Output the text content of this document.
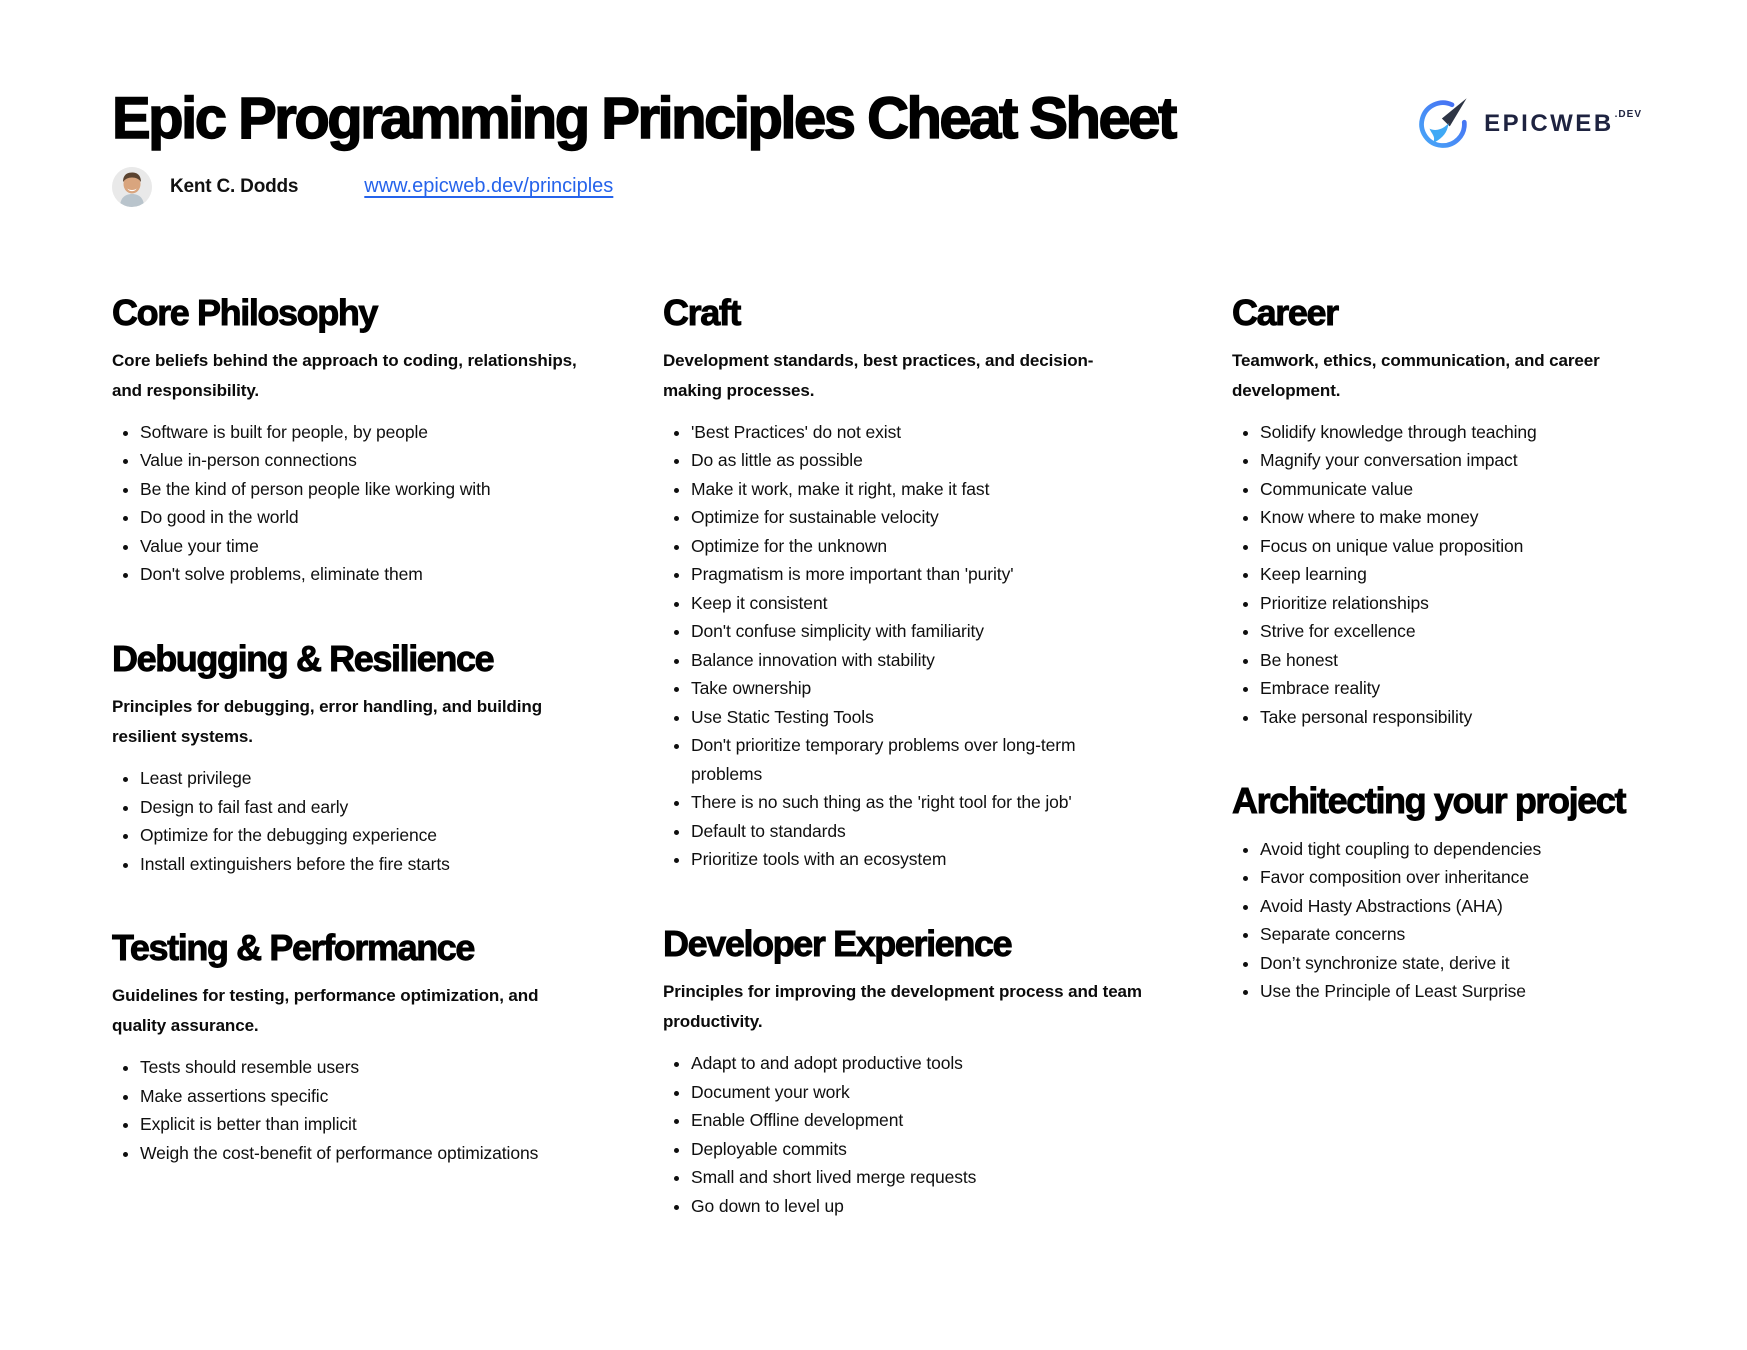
Epic Programming Principles Cheat Sheet
Kent C. Dodds	www.epicweb.dev/principles
$EPICWEB^{.DEV}$
Core Philosophy

Core beliefs behind the approach to coding, relationships, and responsibility.

• Software is built for people, by people
• Value in-person connections
• Be the kind of person people like working with
• Do good in the world
• Value your time
• Don't solve problems, eliminate them
Debugging & Resilience

Principles for debugging, error handling, and building resilient systems.

• Least privilege
• Design to fail fast and early
• Optimize for the debugging experience
• Install extinguishers before the fire starts
Testing & Performance

Guidelines for testing, performance optimization, and quality assurance.

• Tests should resemble users
• Make assertions specific
• Explicit is better than implicit
• Weigh the cost-benefit of performance optimizations
Craft

Development standards, best practices, and decision-making processes.

• 'Best Practices' do not exist
• Do as little as possible
• Make it work, make it right, make it fast
• Optimize for sustainable velocity
• Optimize for the unknown
• Pragmatism is more important than 'purity'
• Keep it consistent
• Don't confuse simplicity with familiarity
• Balance innovation with stability
• Take ownership
• Use Static Testing Tools
• Don't prioritize temporary problems over long-term problems
• There is no such thing as the 'right tool for the job'
• Default to standards
• Prioritize tools with an ecosystem
Developer Experience

Principles for improving the development process and team productivity.

• Adapt to and adopt productive tools
• Document your work
• Enable Offline development
• Deployable commits
• Small and short lived merge requests
• Go down to level up
Career

Teamwork, ethics, communication, and career development.

• Solidify knowledge through teaching
• Magnify your conversation impact
• Communicate value
• Know where to make money
• Focus on unique value proposition
• Keep learning
• Prioritize relationships
• Strive for excellence
• Be honest
• Embrace reality
• Take personal responsibility
Architecting your project
• Avoid tight coupling to dependencies
• Favor composition over inheritance
• Avoid Hasty Abstractions (AHA)
• Separate concerns
• Don’t synchronize state, derive it
• Use the Principle of Least Surprise
